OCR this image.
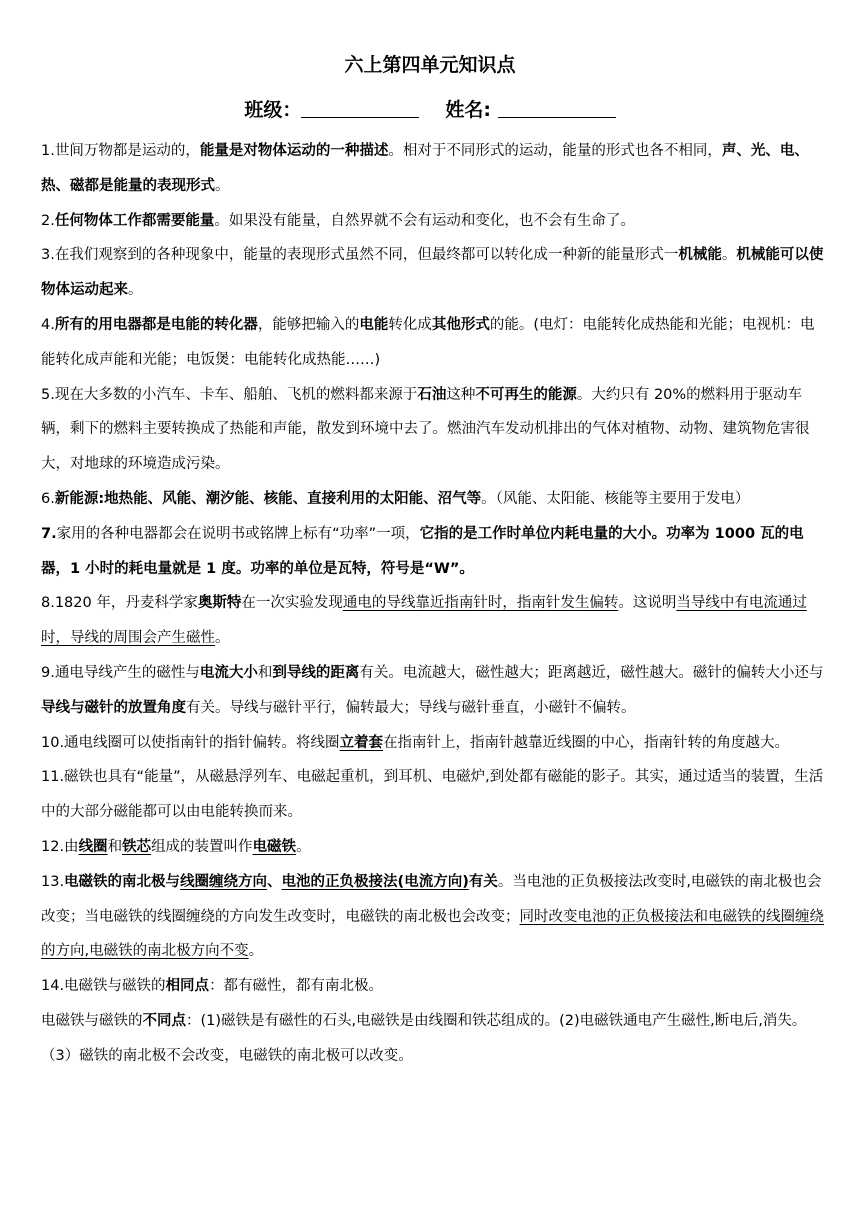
六上第四单元知识点
班级：	姓名:

1.世间万物都是运动的，能量是对物体运动的一种描述。相对于不同形式的运动，能量的形式也各不相同，声、光、电、热、磁都是能量的表现形式。

2.任何物体工作都需要能量。如果没有能量，自然界就不会有运动和变化，也不会有生命了。

3.在我们观察到的各种现象中，能量的表现形式虽然不同，但最终都可以转化成一种新的能量形式一机械能。机械能可以使物体运动起来。

4.所有的用电器都是电能的转化器，能够把输入的电能转化成其他形式的能。(电灯：电能转化成热能和光能；电视机：电能转化成声能和光能；电饭煲：电能转化成热能……)

5.现在大多数的小汽车、卡车、船舶、飞机的燃料都来源于石油这种不可再生的能源。大约只有 20%的燃料用于驱动车辆，剩下的燃料主要转换成了热能和声能，散发到环境中去了。燃油汽车发动机排出的气体对植物、动物、建筑物危害很大，对地球的环境造成污染。

6.新能源:地热能、风能、潮汐能、核能、直接利用的太阳能、沼气等。（风能、太阳能、核能等主要用于发电）

7.家用的各种电器都会在说明书或铭牌上标有“功率”一项，它指的是工作时单位内耗电量的大小。功率为 1000 瓦的电器，1 小时的耗电量就是 1 度。功率的单位是瓦特，符号是“W”。

8.1820 年，丹麦科学家奥斯特在一次实验发现通电的导线靠近指南针时，指南针发生偏转。这说明当导线中有电流通过时，导线的周围会产生磁性。

9.通电导线产生的磁性与电流大小和到导线的距离有关。电流越大，磁性越大；距离越近，磁性越大。磁针的偏转大小还与导线与磁针的放置角度有关。导线与磁针平行，偏转最大；导线与磁针垂直，小磁针不偏转。

10.通电线圈可以使指南针的指针偏转。将线圈立着套在指南针上，指南针越靠近线圈的中心，指南针转的角度越大。

11.磁铁也具有“能量”，从磁悬浮列车、电磁起重机，到耳机、电磁炉,到处都有磁能的影子。其实，通过适当的装置，生活中的大部分磁能都可以由电能转换而来。

12.由线圈和铁芯组成的装置叫作电磁铁。

13.电磁铁的南北极与线圈缠绕方向、电池的正负极接法(电流方向)有关。当电池的正负极接法改变时,电磁铁的南北极也会改变；当电磁铁的线圈缠绕的方向发生改变时，电磁铁的南北极也会改变；同时改变电池的正负极接法和电磁铁的线圈缠绕的方向,电磁铁的南北极方向不变。

14.电磁铁与磁铁的相同点：都有磁性，都有南北极。

电磁铁与磁铁的不同点：(1)磁铁是有磁性的石头,电磁铁是由线圈和铁芯组成的。(2)电磁铁通电产生磁性,断电后,消失。（3）磁铁的南北极不会改变，电磁铁的南北极可以改变。
